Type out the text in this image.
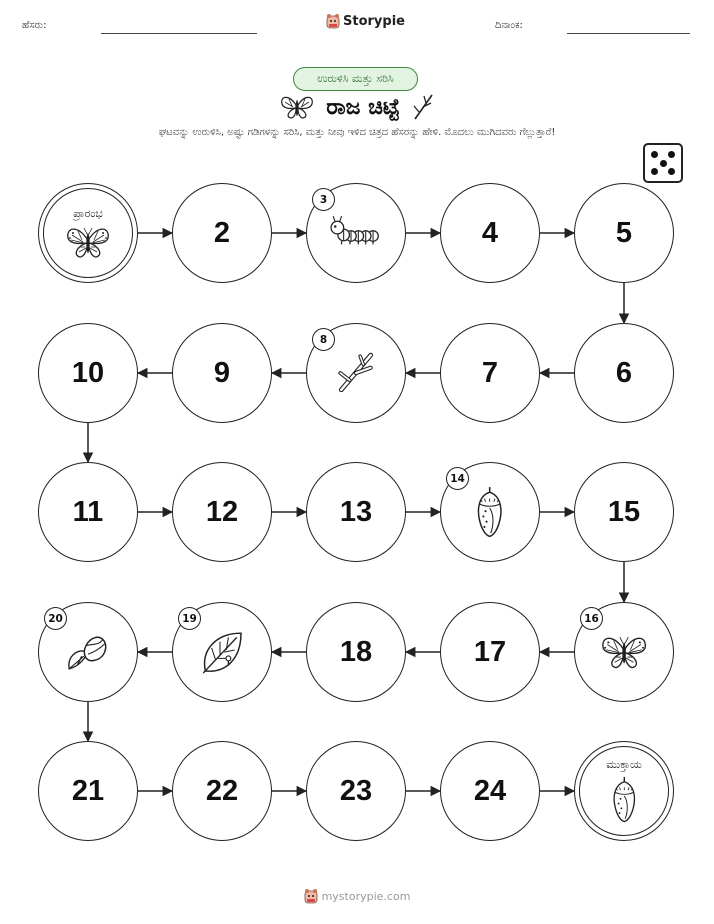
ಹೆಸರು:	Storypie	ದಿನಾಂಕ:
ಉರುಳಿಸಿ ಮತ್ತು ಸರಿಸಿ
ರಾಜ ಚಿಟ್ಟೆ
ಘಟವನ್ನು ಉರುಳಿಸಿ, ಅಷ್ಟು ಗಡಿಗಳನ್ನು ಸರಿಸಿ, ಮತ್ತು ನೀವು ಇಳಿದ ಚಿತ್ರದ ಹೆಸರನ್ನು ಹೇಳಿ. ಮೊದಲು ಮುಗಿದವರು ಗೆಲ್ಲುತ್ತಾರೆ!
ಪ್ರಾರಂಭ
2
3
4	5
6
7
8
9
10
11	12	13
14
15
16
17
18
19
20
21	22	23	24
ಮುಕ್ತಾಯ
mystorypie.com
